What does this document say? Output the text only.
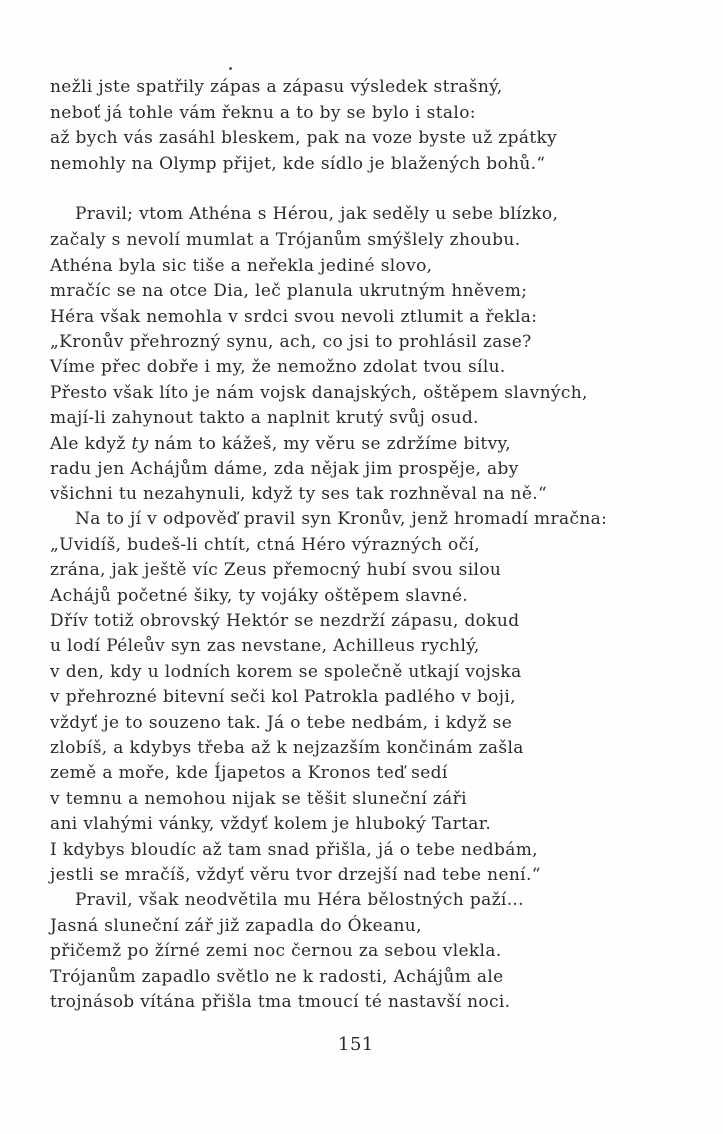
nežli jste spatřily zápas a zápasu výsledek strašný,
neboť já tohle vám řeknu a to by se bylo i stalo:
až bych vás zasáhl bleskem, pak na voze byste už zpátky
nemohly na Olymp přijet, kde sídlo je blažených bohů.“
Pravil; vtom Athéna s Hérou, jak seděly u sebe blízko,
začaly s nevolí mumlat a Trójanům smýšlely zhoubu.
Athéna byla sic tiše a neřekla jediné slovo,
mračíc se na otce Dia, leč planula ukrutným hněvem;
Héra však nemohla v srdci svou nevoli ztlumit a řekla:
„Kronův přehrozný synu, ach, co jsi to prohlásil zase?
Víme přec dobře i my, že nemožno zdolat tvou sílu.
Přesto však líto je nám vojsk danajských, oštěpem slavných,
mají-li zahynout takto a naplnit krutý svůj osud.
Ale když ty nám to kážeš, my věru se zdržíme bitvy,
radu jen Achájům dáme, zda nějak jim prospěje, aby
všichni tu nezahynuli, když ty ses tak rozhněval na ně.“
Na to jí v odpověď pravil syn Kronův, jenž hromadí mračna:
„Uvidíš, budeš-li chtít, ctná Héro výrazných očí,
zrána, jak ještě víc Zeus přemocný hubí svou silou
Achájů početné šiky, ty vojáky oštěpem slavné.
Dřív totiž obrovský Hektór se nezdrží zápasu, dokud
u lodí Péleův syn zas nevstane, Achilleus rychlý,
v den, kdy u lodních korem se společně utkají vojska
v přehrozné bitevní seči kol Patrokla padlého v boji,
vždyť je to souzeno tak. Já o tebe nedbám, i když se
zlobíš, a kdybys třeba až k nejzazším končinám zašla
země a moře, kde Íjapetos a Kronos teď sedí
v temnu a nemohou nijak se těšit sluneční záři
ani vlahými vánky, vždyť kolem je hluboký Tartar.
I kdybys bloudíc až tam snad přišla, já o tebe nedbám,
jestli se mračíš, vždyť věru tvor drzejší nad tebe není.“
Pravil, však neodvětila mu Héra bělostných paží…
Jasná sluneční zář již zapadla do Ókeanu,
přičemž po žírné zemi noc černou za sebou vlekla.
Trójanům zapadlo světlo ne k radosti, Achájům ale
trojnásob vítána přišla tma tmoucí té nastavší noci.
151
